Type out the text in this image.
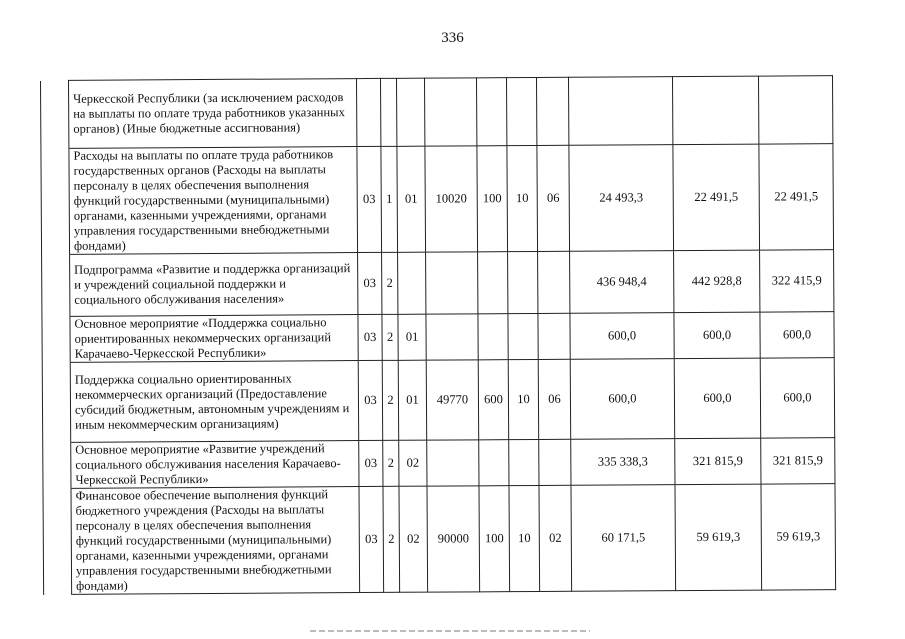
336
	Черкесской Республики (за исключением расходов на выплаты по оплате труда работников указанных органов) (Иные бюджетные ассигнования)										
	Расходы на выплаты по оплате труда работников государственных органов (Расходы на выплаты персоналу в целях обеспечения выполнения функций государственными (муниципальными) органами, казенными учреждениями, органами управления государственными внебюджетными фондами)	03	1	01	10020	100	10	06	24 493,3	22 491,5	22 491,5
	Подпрограмма «Развитие и поддержка организаций и учреждений социальной поддержки и социального обслуживания населения»	03	2						436 948,4	442 928,8	322 415,9
	Основное мероприятие «Поддержка социально ориентированных некоммерческих организаций Карачаево-Черкесской Республики»	03	2	01					600,0	600,0	600,0
	Поддержка социально ориентированных некоммерческих организаций (Предоставление субсидий бюджетным, автономным учреждениям и иным некоммерческим организациям)	03	2	01	49770	600	10	06	600,0	600,0	600,0
	Основное мероприятие «Развитие учреждений социального обслуживания населения Карачаево-Черкесской Республики»	03	2	02					335 338,3	321 815,9	321 815,9
	Финансовое обеспечение выполнения функций бюджетного учреждения (Расходы на выплаты персоналу в целях обеспечения выполнения функций государственными (муниципальными) органами, казенными учреждениями, органами управления государственными внебюджетными фондами)	03	2	02	90000	100	10	02	60 171,5	59 619,3	59 619,3
